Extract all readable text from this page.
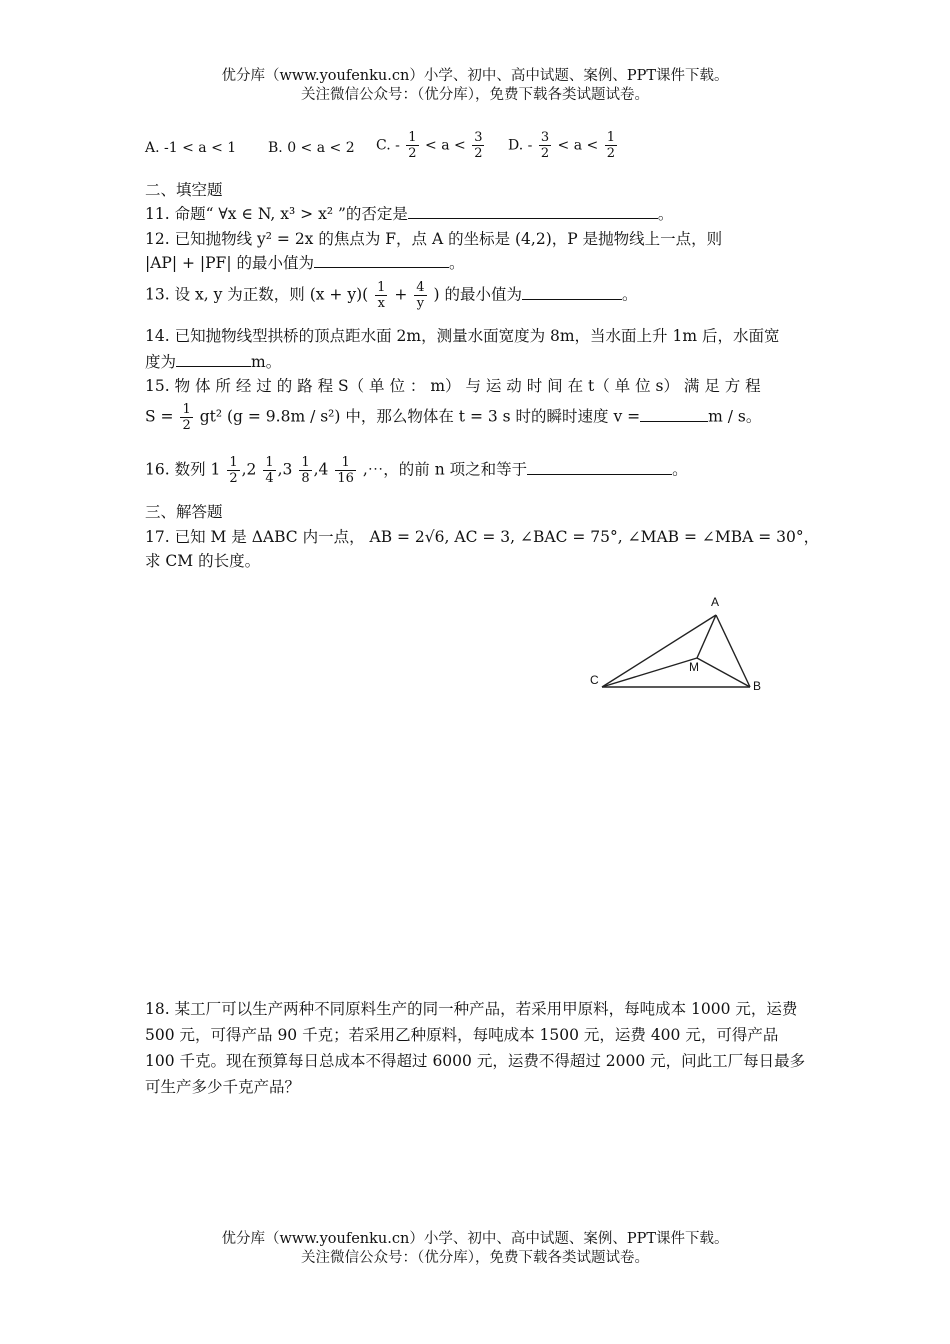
优分库（www.youfenku.cn）小学、初中、高中试题、案例、PPT课件下载。
关注微信公众号：（优分库），免费下载各类试题试卷。
A. -1 < a < 1 B. 0 < a < 2 C. - $\frac{1}{2} < a < \frac{3}{2} D$. - $\frac{3}{2} < a < \frac{1}{2}$
二、填空题
11. 命题“ ∀x ∈ N, x³ > x² ”的否定是	。
12. 已知抛物线 y² = 2x 的焦点为 F，点 A 的坐标是 (4,2)，P 是抛物线上一点，则
|AP| + |PF| 的最小值为	。
13. 设 x, y 为正数，则 $(x + y)( \frac{1}{x} + \frac{4}{y}$ ) 的最小值为	。
14. 已知抛物线型拱桥的顶点距水面 2m，测量水面宽度为 8m，当水面上升 1m 后，水面宽
度为	m。
15. 物 体 所 经 过 的 路 程 S（ 单 位 ： m） 与 运 动 时 间 在 t（ 单 位 s） 满 足 方 程
$S = \frac{1}{2} gt^2$ (g = 9.8m / s²) 中，那么物体在 t = 3 s 时的瞬时速度 v =	m / s。
16. 数列 $1 \frac{1}{2} ,2 \frac{1}{4} ,3 \frac{1}{8} ,4 \frac{1}{16}$ ,⋯，的前 n 项之和等于	。
三、解答题
17. 已知 M 是 ΔABC 内一点， AB = 2√6, AC = 3, ∠BAC = 75°, ∠MAB = ∠MBA = 30°，
求 CM 的长度。
A
B
C
M
18. 某工厂可以生产两种不同原料生产的同一种产品，若采用甲原料，每吨成本 1000 元，运费 500 元，可得产品 90 千克；若采用乙种原料，每吨成本 1500 元，运费 400 元，可得产品 100 千克。现在预算每日总成本不得超过 6000 元，运费不得超过 2000 元，问此工厂每日最多可生产多少千克产品？
优分库（www.youfenku.cn）小学、初中、高中试题、案例、PPT课件下载。
关注微信公众号：（优分库），免费下载各类试题试卷。
